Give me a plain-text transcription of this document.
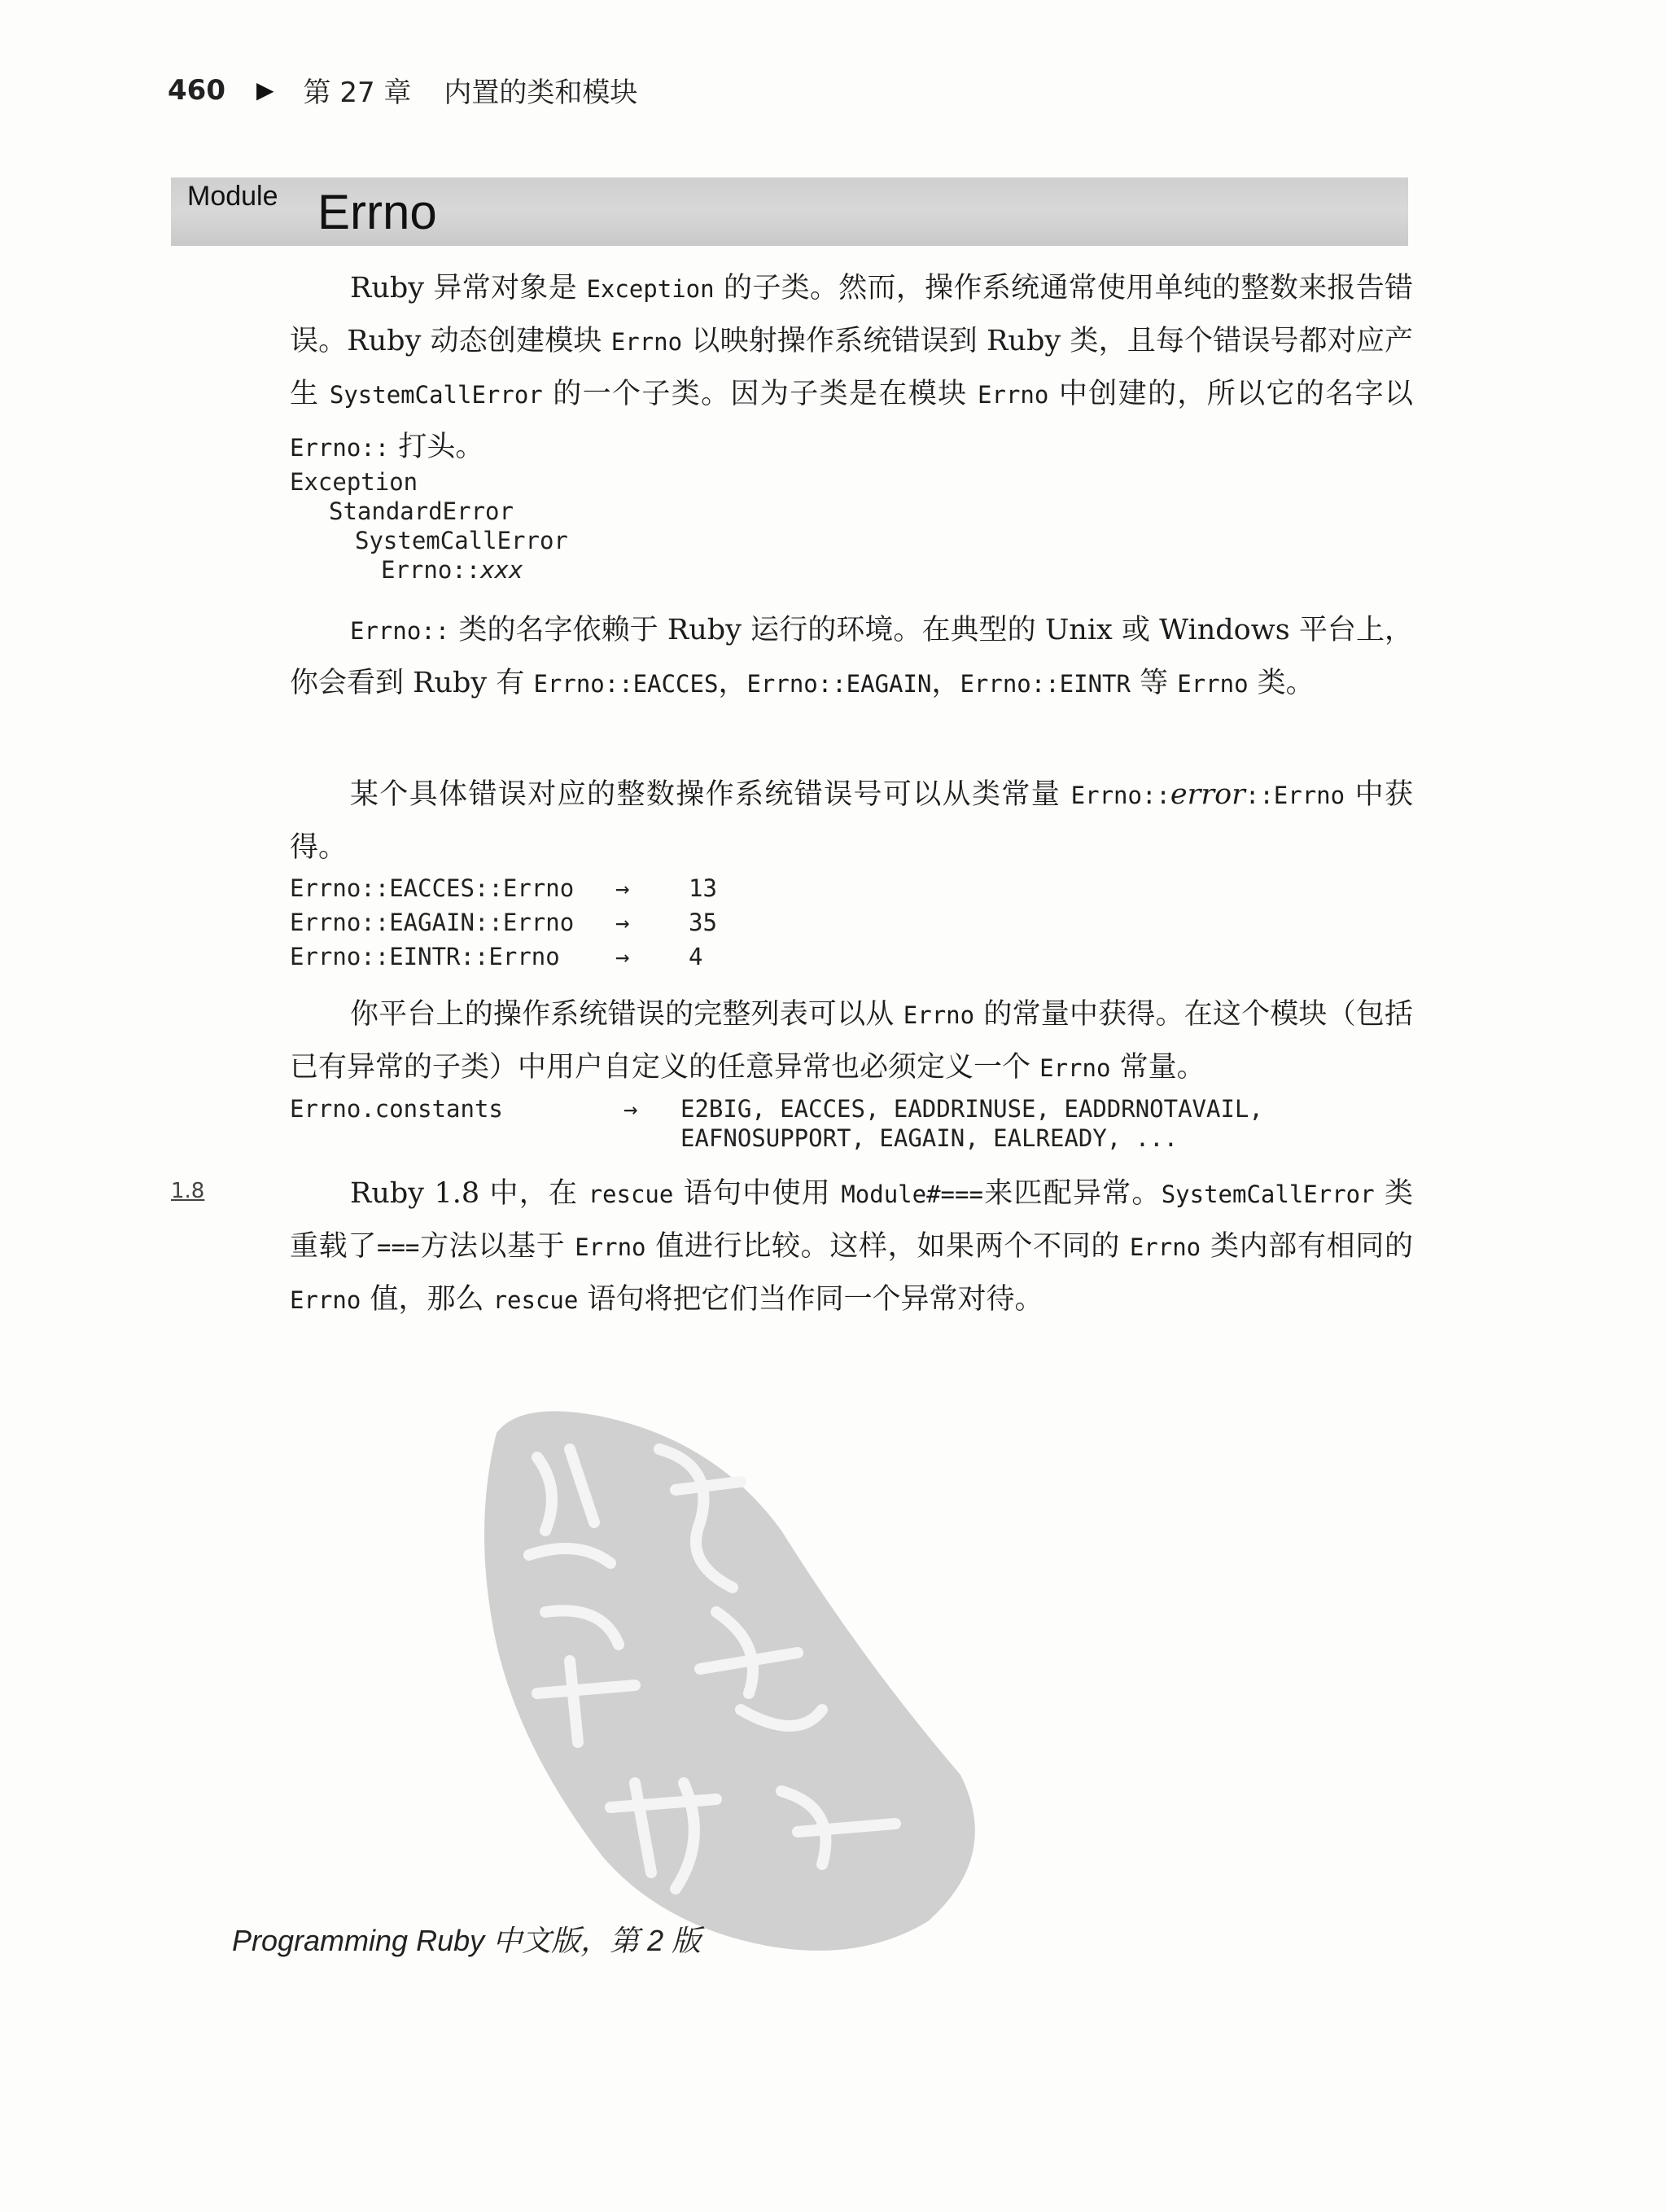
460 ▶ 第 27 章 内置的类和模块
Module Errno

Ruby 异常对象是 Exception 的子类。然而，操作系统通常使用单纯的整数来报告错误。Ruby 动态创建模块 Errno 以映射操作系统错误到 Ruby 类，且每个错误号都对应产生 SystemCallError 的一个子类。因为子类是在模块 Errno 中创建的，所以它的名字以 Errno:: 打头。

Exception
StandardError
SystemCallError
Errno::xxx

Errno:: 类的名字依赖于 Ruby 运行的环境。在典型的 Unix 或 Windows 平台上，你会看到 Ruby 有 Errno::EACCES，Errno::EAGAIN，Errno::EINTR 等 Errno 类。

某个具体错误对应的整数操作系统错误号可以从类常量 Errno::error::Errno 中获得。

Errno::EACCES::Errno	→	13
Errno::EAGAIN::Errno	→	35
Errno::EINTR::Errno	→	4

你平台上的操作系统错误的完整列表可以从 Errno 的常量中获得。在这个模块（包括已有异常的子类）中用户自定义的任意异常也必须定义一个 Errno 常量。

Errno.constants	→	E2BIG, EACCES, EADDRINUSE, EADDRNOTAVAIL,
EAFNOSUPPORT, EAGAIN, EALREADY, ...
1.8	Ruby 1.8 中，在 rescue 语句中使用 Module#===来匹配异常。SystemCallError 类重载了===方法以基于 Errno 值进行比较。这样，如果两个不同的 Errno 类内部有相同的 Errno 值，那么 rescue 语句将把它们当作同一个异常对待。

Programming Ruby 中文版，第 2 版
